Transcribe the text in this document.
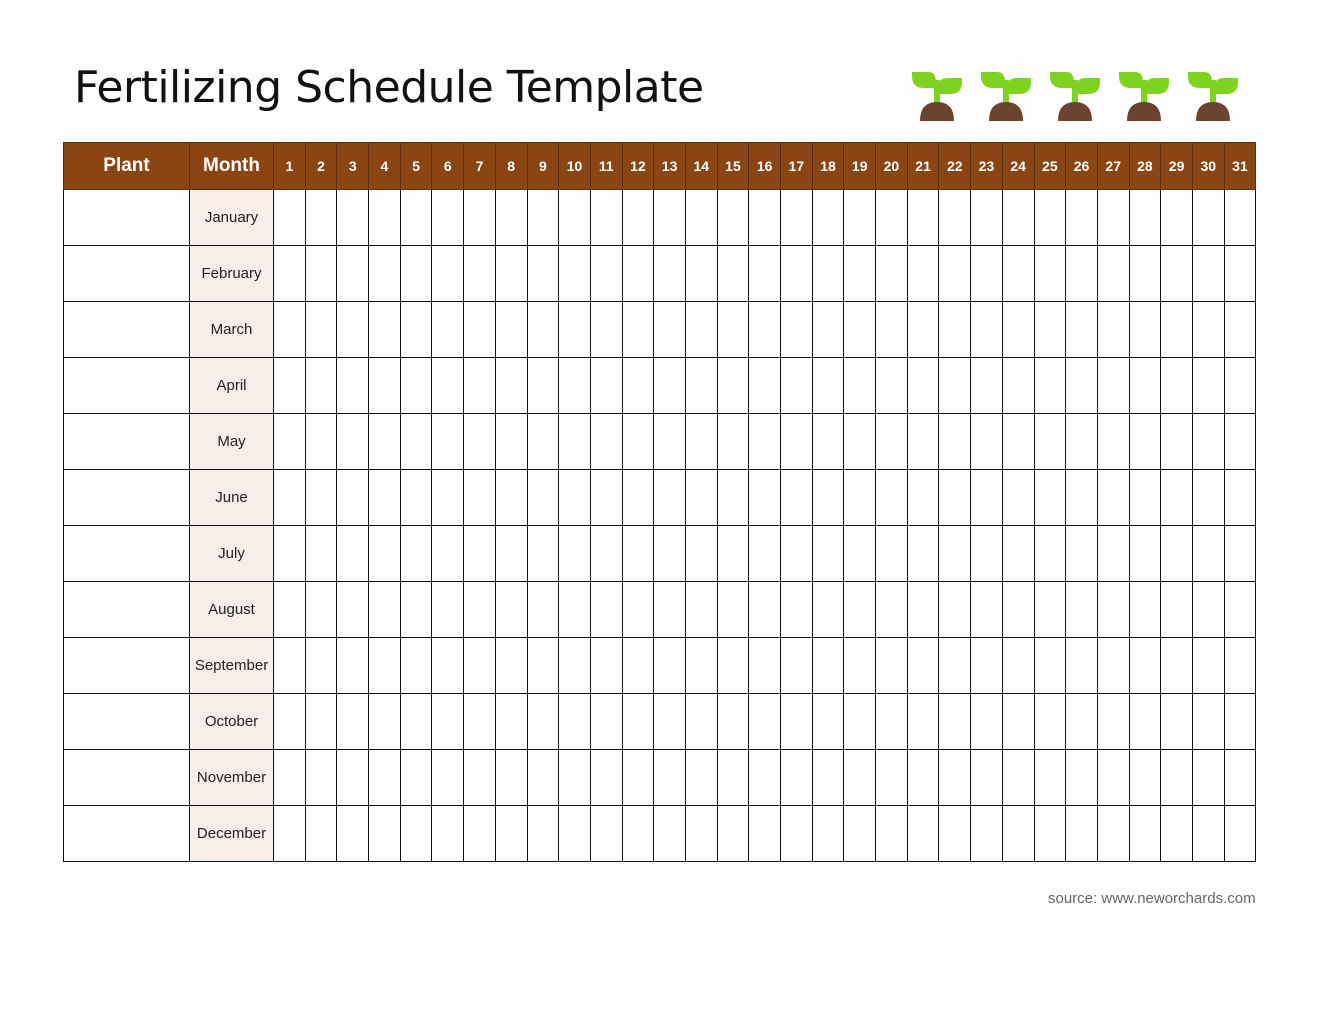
Fertilizing Schedule Template
Plant	Month	1	2	3	4	5	6	7	8	9	10	11	12	13	14	15	16	17	18	19	20	21	22	23	24	25	26	27	28	29	30	31
	January																															
	February																															
	March																															
	April																															
	May																															
	June																															
	July																															
	August																															
	September																															
	October																															
	November																															
	December																															
source: www.neworchards.com
